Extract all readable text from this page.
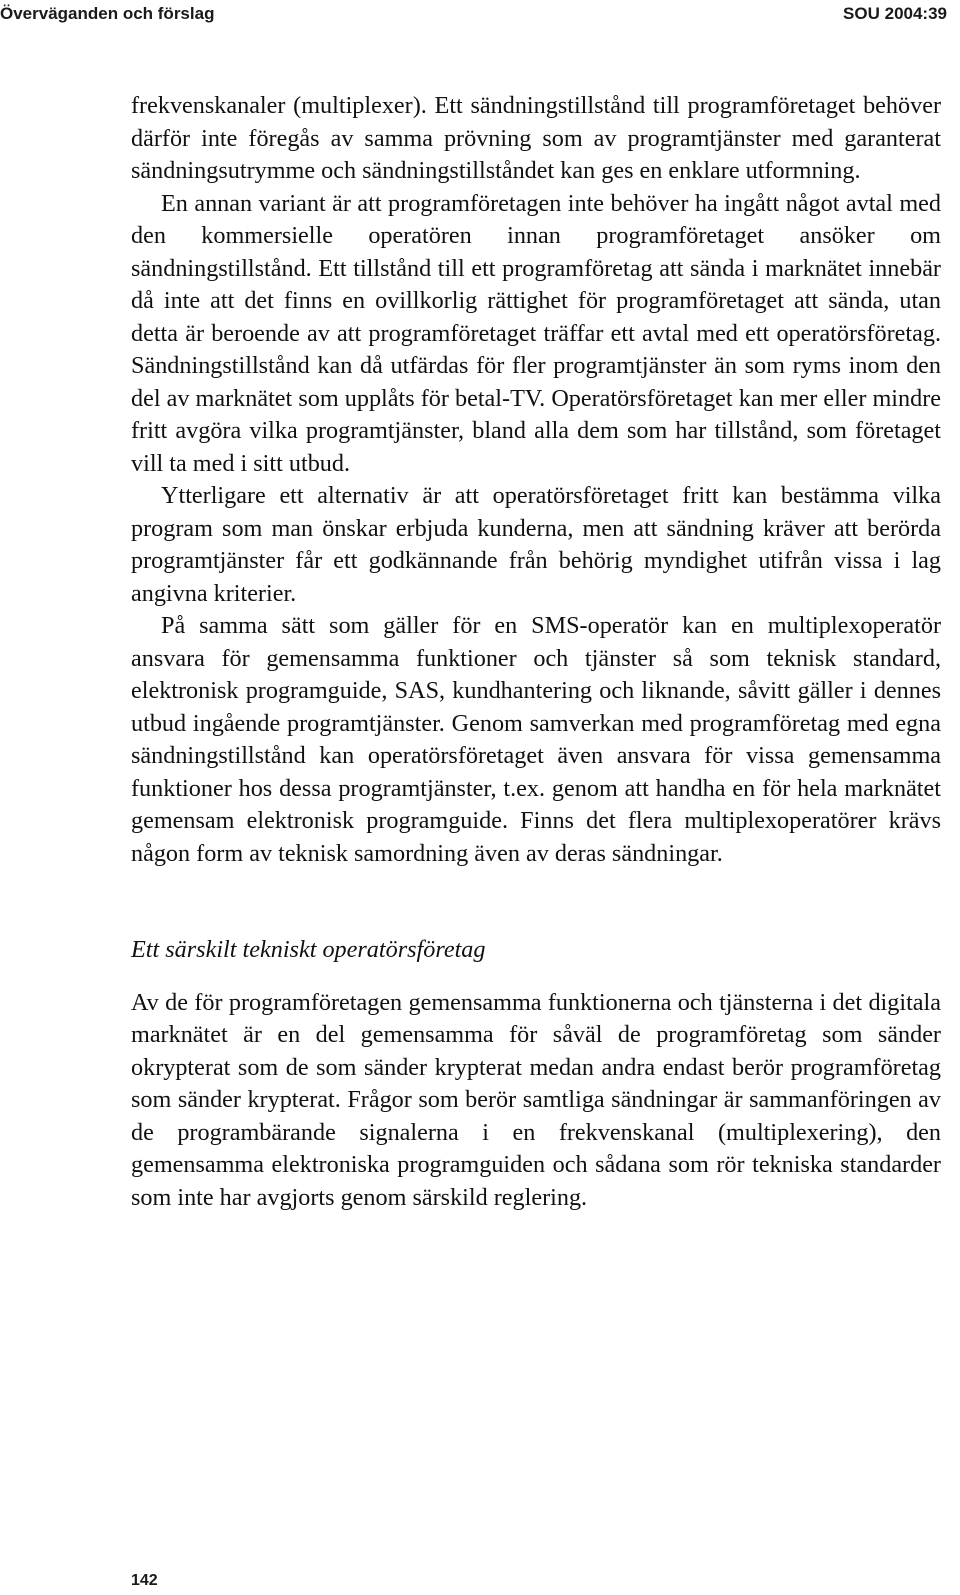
Överväganden och förslag	SOU 2004:39

frekvenskanaler (multiplexer). Ett sändningstillstånd till programföretaget behöver därför inte föregås av samma prövning som av programtjänster med garanterat sändningsutrymme och sändningstillståndet kan ges en enklare utformning.

En annan variant är att programföretagen inte behöver ha ingått något avtal med den kommersielle operatören innan programföretaget ansöker om sändningstillstånd. Ett tillstånd till ett programföretag att sända i marknätet innebär då inte att det finns en ovillkorlig rättighet för programföretaget att sända, utan detta är beroende av att programföretaget träffar ett avtal med ett operatörsföretag. Sändningstillstånd kan då utfärdas för fler programtjänster än som ryms inom den del av marknätet som upplåts för betal-TV. Operatörsföretaget kan mer eller mindre fritt avgöra vilka programtjänster, bland alla dem som har tillstånd, som företaget vill ta med i sitt utbud.

Ytterligare ett alternativ är att operatörsföretaget fritt kan bestämma vilka program som man önskar erbjuda kunderna, men att sändning kräver att berörda programtjänster får ett godkännande från behörig myndighet utifrån vissa i lag angivna kriterier.

På samma sätt som gäller för en SMS-operatör kan en multiplexoperatör ansvara för gemensamma funktioner och tjänster så som teknisk standard, elektronisk programguide, SAS, kundhantering och liknande, såvitt gäller i dennes utbud ingående programtjänster. Genom samverkan med programföretag med egna sändningstillstånd kan operatörsföretaget även ansvara för vissa gemensamma funktioner hos dessa programtjänster, t.ex. genom att handha en för hela marknätet gemensam elektronisk programguide. Finns det flera multiplexoperatörer krävs någon form av teknisk samordning även av deras sändningar.

Ett särskilt tekniskt operatörsföretag

Av de för programföretagen gemensamma funktionerna och tjänsterna i det digitala marknätet är en del gemensamma för såväl de programföretag som sänder okrypterat som de som sänder krypterat medan andra endast berör programföretag som sänder krypterat. Frågor som berör samtliga sändningar är sammanföringen av de programbärande signalerna i en frekvenskanal (multiplexering), den gemensamma elektroniska programguiden och sådana som rör tekniska standarder som inte har avgjorts genom särskild reglering.

142
